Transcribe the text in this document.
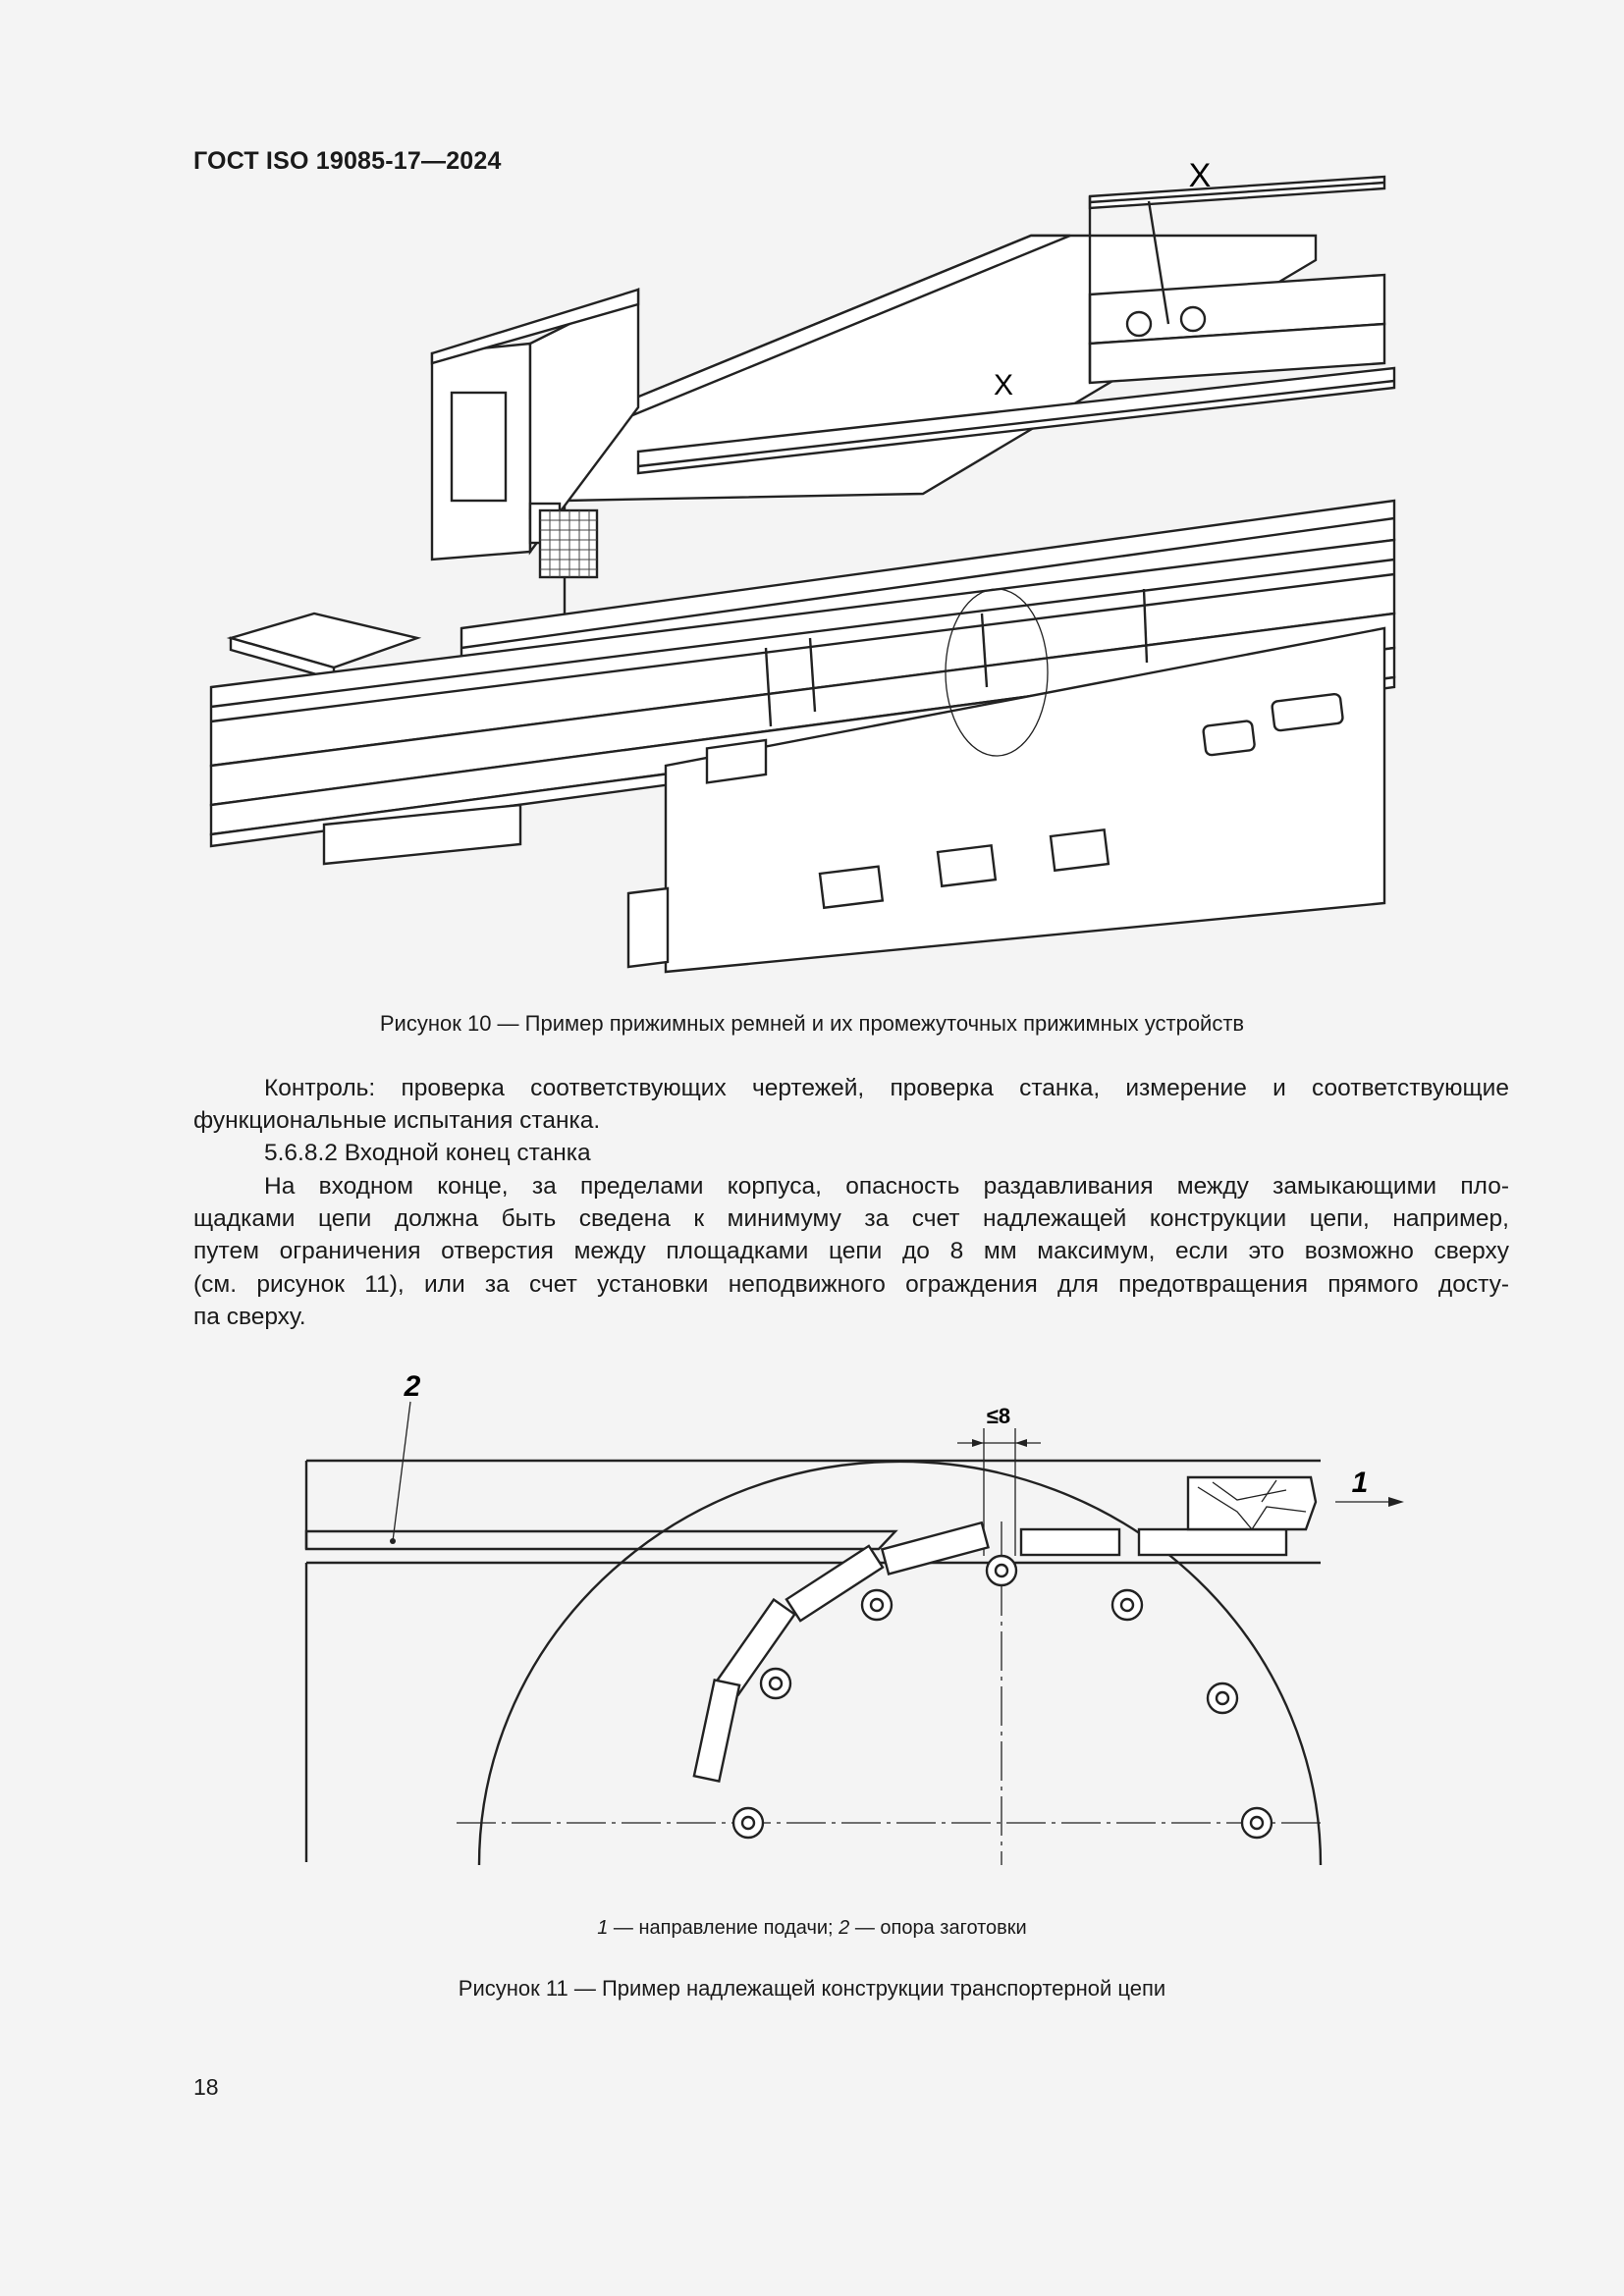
ГОСТ ISO 19085-17—2024
X
X
Рисунок 10 — Пример прижимных ремней и их промежуточных прижимных устройств
Контроль: проверка соответствующих чертежей, проверка станка, измерение и соответствующие
функциональные испытания станка.
5.6.8.2 Входной конец станка
На входном конце, за пределами корпуса, опасность раздавливания между замыкающими пло-
щадками цепи должна быть сведена к минимуму за счет надлежащей конструкции цепи, например,
путем ограничения отверстия между площадками цепи до 8 мм максимум, если это возможно сверху
(см. рисунок 11), или за счет установки неподвижного ограждения для предотвращения прямого досту-
па сверху.
≤8
1
2
1 — направление подачи; 2 — опора заготовки
Рисунок 11 — Пример надлежащей конструкции транспортерной цепи
18
